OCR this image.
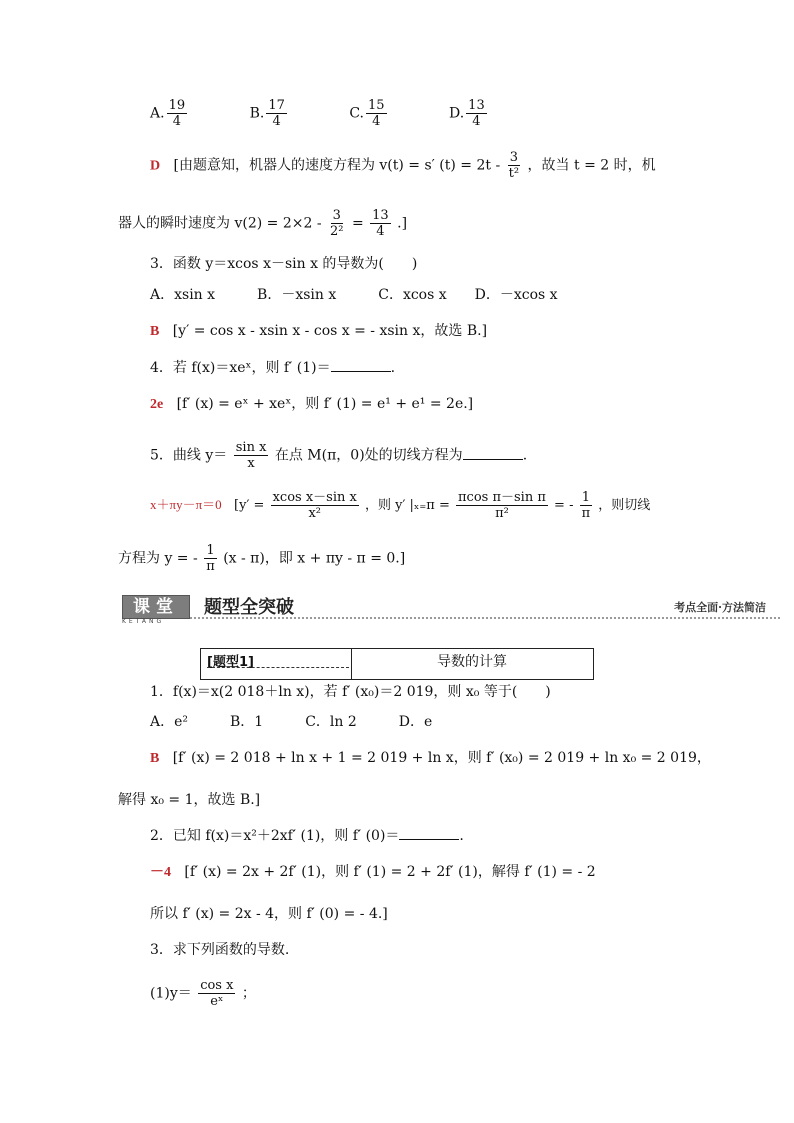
A. $\frac{19}{4}$	B. $\frac{17}{4}$	C. $\frac{15}{4}$	D. $\frac{13}{4}$
D [由题意知，机器人的速度方程为 v(t) = s′ $(t) = 2t - \frac{3}{\text{t²}}$ ，故当 t = 2 时，机
器人的瞬时速度为 $v(2) = 2\times 2 - \frac{3}{\text{2²}} = \frac{13}{4}$ .]
3．函数 y＝xcos x－sin x 的导数为(　　)
A．xsin x　　　B．－xsin x　　　C．xcos x　　D．－xcos x
B [y′ = cos x - xsin x - cos x = - xsin x，故选 B.]
4．若 f(x)＝xeˣ，则 f′ (1)＝	.
2e [f′ (x) = eˣ + xeˣ，则 f′ (1) = e¹ + e¹ = 2e.]
5．曲线 $y= \frac{\text{sin x}}{x}$ 在点 M(π，0)处的切线方程为	.
x＋πy－π＝0 [$y' = \frac{\text{xcos x－sin x}}{\text{x²}}$ ，则 y′ $|_{x=}\pi = \frac{\text{πcos π－sin π}}{\text{π²}}$ = - $\frac{1}{\pi}$ ，则切线
方程为 y = - $\frac{1}{\pi} (x - \pi)$，即 x + πy - π = 0.]
课堂
KETANG
题型全突破	考点全面·方法简洁
[题型1]	导数的计算
1．f(x)＝x(2 018＋ln x)，若 f′ (x₀)＝2 019，则 x₀ 等于(　　)
A．e²　　　B．1　　　C．ln 2　　　D．e
B [f′ (x) = 2 018 + ln x + 1 = 2 019 + ln x，则 f′ (x₀) = 2 019 + ln x₀ = 2 019，
解得 x₀ = 1，故选 B.]
2．已知 f(x)＝x²＋2xf′ (1)，则 f′ (0)＝	.
－4 [f′ (x) = 2x + 2f′ (1)，则 f′ (1) = 2 + 2f′ (1)，解得 f′ (1) = - 2
所以 f′ (x) = 2x - 4，则 f′ (0) = - 4.]
3．求下列函数的导数.
$(1)y= \frac{\text{cos x}}{\text{eˣ}}$ ；
